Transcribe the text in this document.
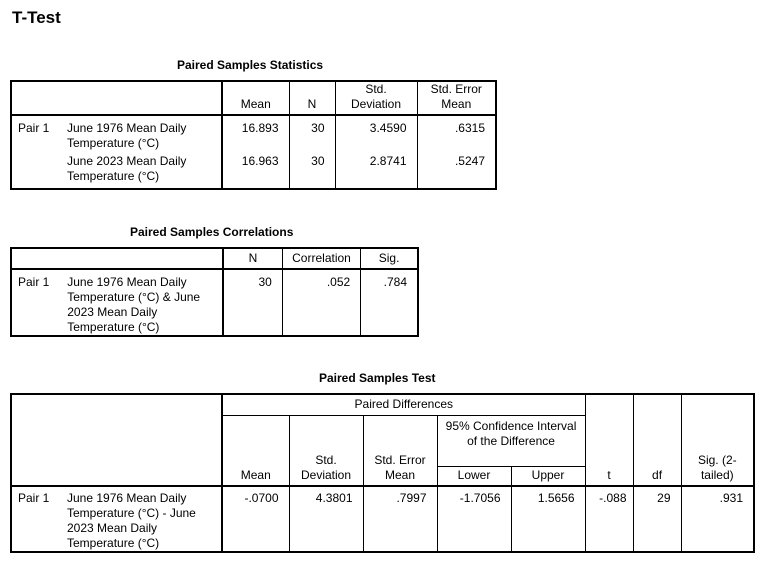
T-Test
Paired Samples Statistics
		Mean	N	Std. Deviation	Std. Error Mean
Pair 1	June 1976 Mean Daily Temperature (°C)	16.893	30	3.4590	.6315
	June 2023 Mean Daily Temperature (°C)	16.963	30	2.8741	.5247
Paired Samples Correlations
		N	Correlation	Sig.
Pair 1	June 1976 Mean Daily Temperature (°C) & June 2023 Mean Daily Temperature (°C)	30	.052	.784
Paired Samples Test
		Paired Differences					t	df	Sig. (2-tailed)
		Mean	Std. Deviation	Std. Error Mean	95% Confidence Interval of the Difference				

					Lower	Upper			
Pair 1	June 1976 Mean Daily Temperature (°C) - June 2023 Mean Daily Temperature (°C)	-.0700	4.3801	.7997	-1.7056	1.5656	-.088	29	.931
